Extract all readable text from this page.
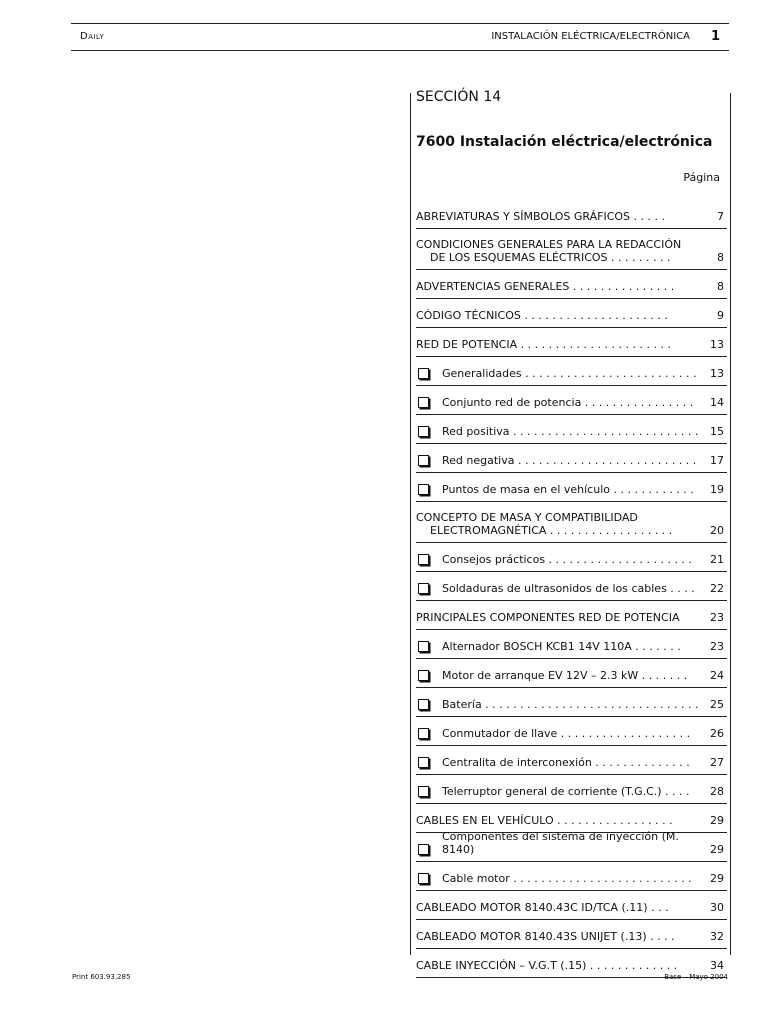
Daily	INSTALACIÓN ELÉCTRICA/ELECTRÓNICA 1
SECCIÓN 14
7600 Instalación eléctrica/electrónica
Página
ABREVIATURAS Y SÍMBOLOS GRÁFICOS . . . . .	7
CONDICIONES GENERALES PARA LA REDACCIÓN
DE LOS ESQUEMAS ELÉCTRICOS . . . . . . . . .	8
ADVERTENCIAS GENERALES . . . . . . . . . . . . . . .	8
CÓDIGO TÉCNICOS . . . . . . . . . . . . . . . . . . . . .	9
RED DE POTENCIA . . . . . . . . . . . . . . . . . . . . . .	13
Generalidades . . . . . . . . . . . . . . . . . . . . . . . . .	13
Conjunto red de potencia . . . . . . . . . . . . . . . .	14
Red positiva . . . . . . . . . . . . . . . . . . . . . . . . . . .	15
Red negativa . . . . . . . . . . . . . . . . . . . . . . . . . .	17
Puntos de masa en el vehículo . . . . . . . . . . . .	19
CONCEPTO DE MASA Y COMPATIBILIDAD
ELECTROMAGNÉTICA . . . . . . . . . . . . . . . . . .	20
Consejos prácticos . . . . . . . . . . . . . . . . . . . . .	21
Soldaduras de ultrasonidos de los cables . . . .	22
PRINCIPALES COMPONENTES RED DE POTENCIA	23
Alternador BOSCH KCB1 14V 110A . . . . . . .	23
Motor de arranque EV 12V – 2.3 kW . . . . . . .	24
Batería . . . . . . . . . . . . . . . . . . . . . . . . . . . . . . .	25
Conmutador de llave . . . . . . . . . . . . . . . . . . .	26
Centralita de interconexión . . . . . . . . . . . . . .	27
Telerruptor general de corriente (T.G.C.) . . . .	28
CABLES EN EL VEHÍCULO . . . . . . . . . . . . . . . . .	29
Componentes del sistema de inyección (M. 8140)	29
Cable motor . . . . . . . . . . . . . . . . . . . . . . . . . .	29
CABLEADO MOTOR 8140.43C ID/TCA (.11) . . .	30
CABLEADO MOTOR 8140.43S UNIJET (.13) . . . .	32
CABLE INYECCIÓN – V.G.T (.15) . . . . . . . . . . . . .	34
Print 603.93.285	Base – Mayo 2004
